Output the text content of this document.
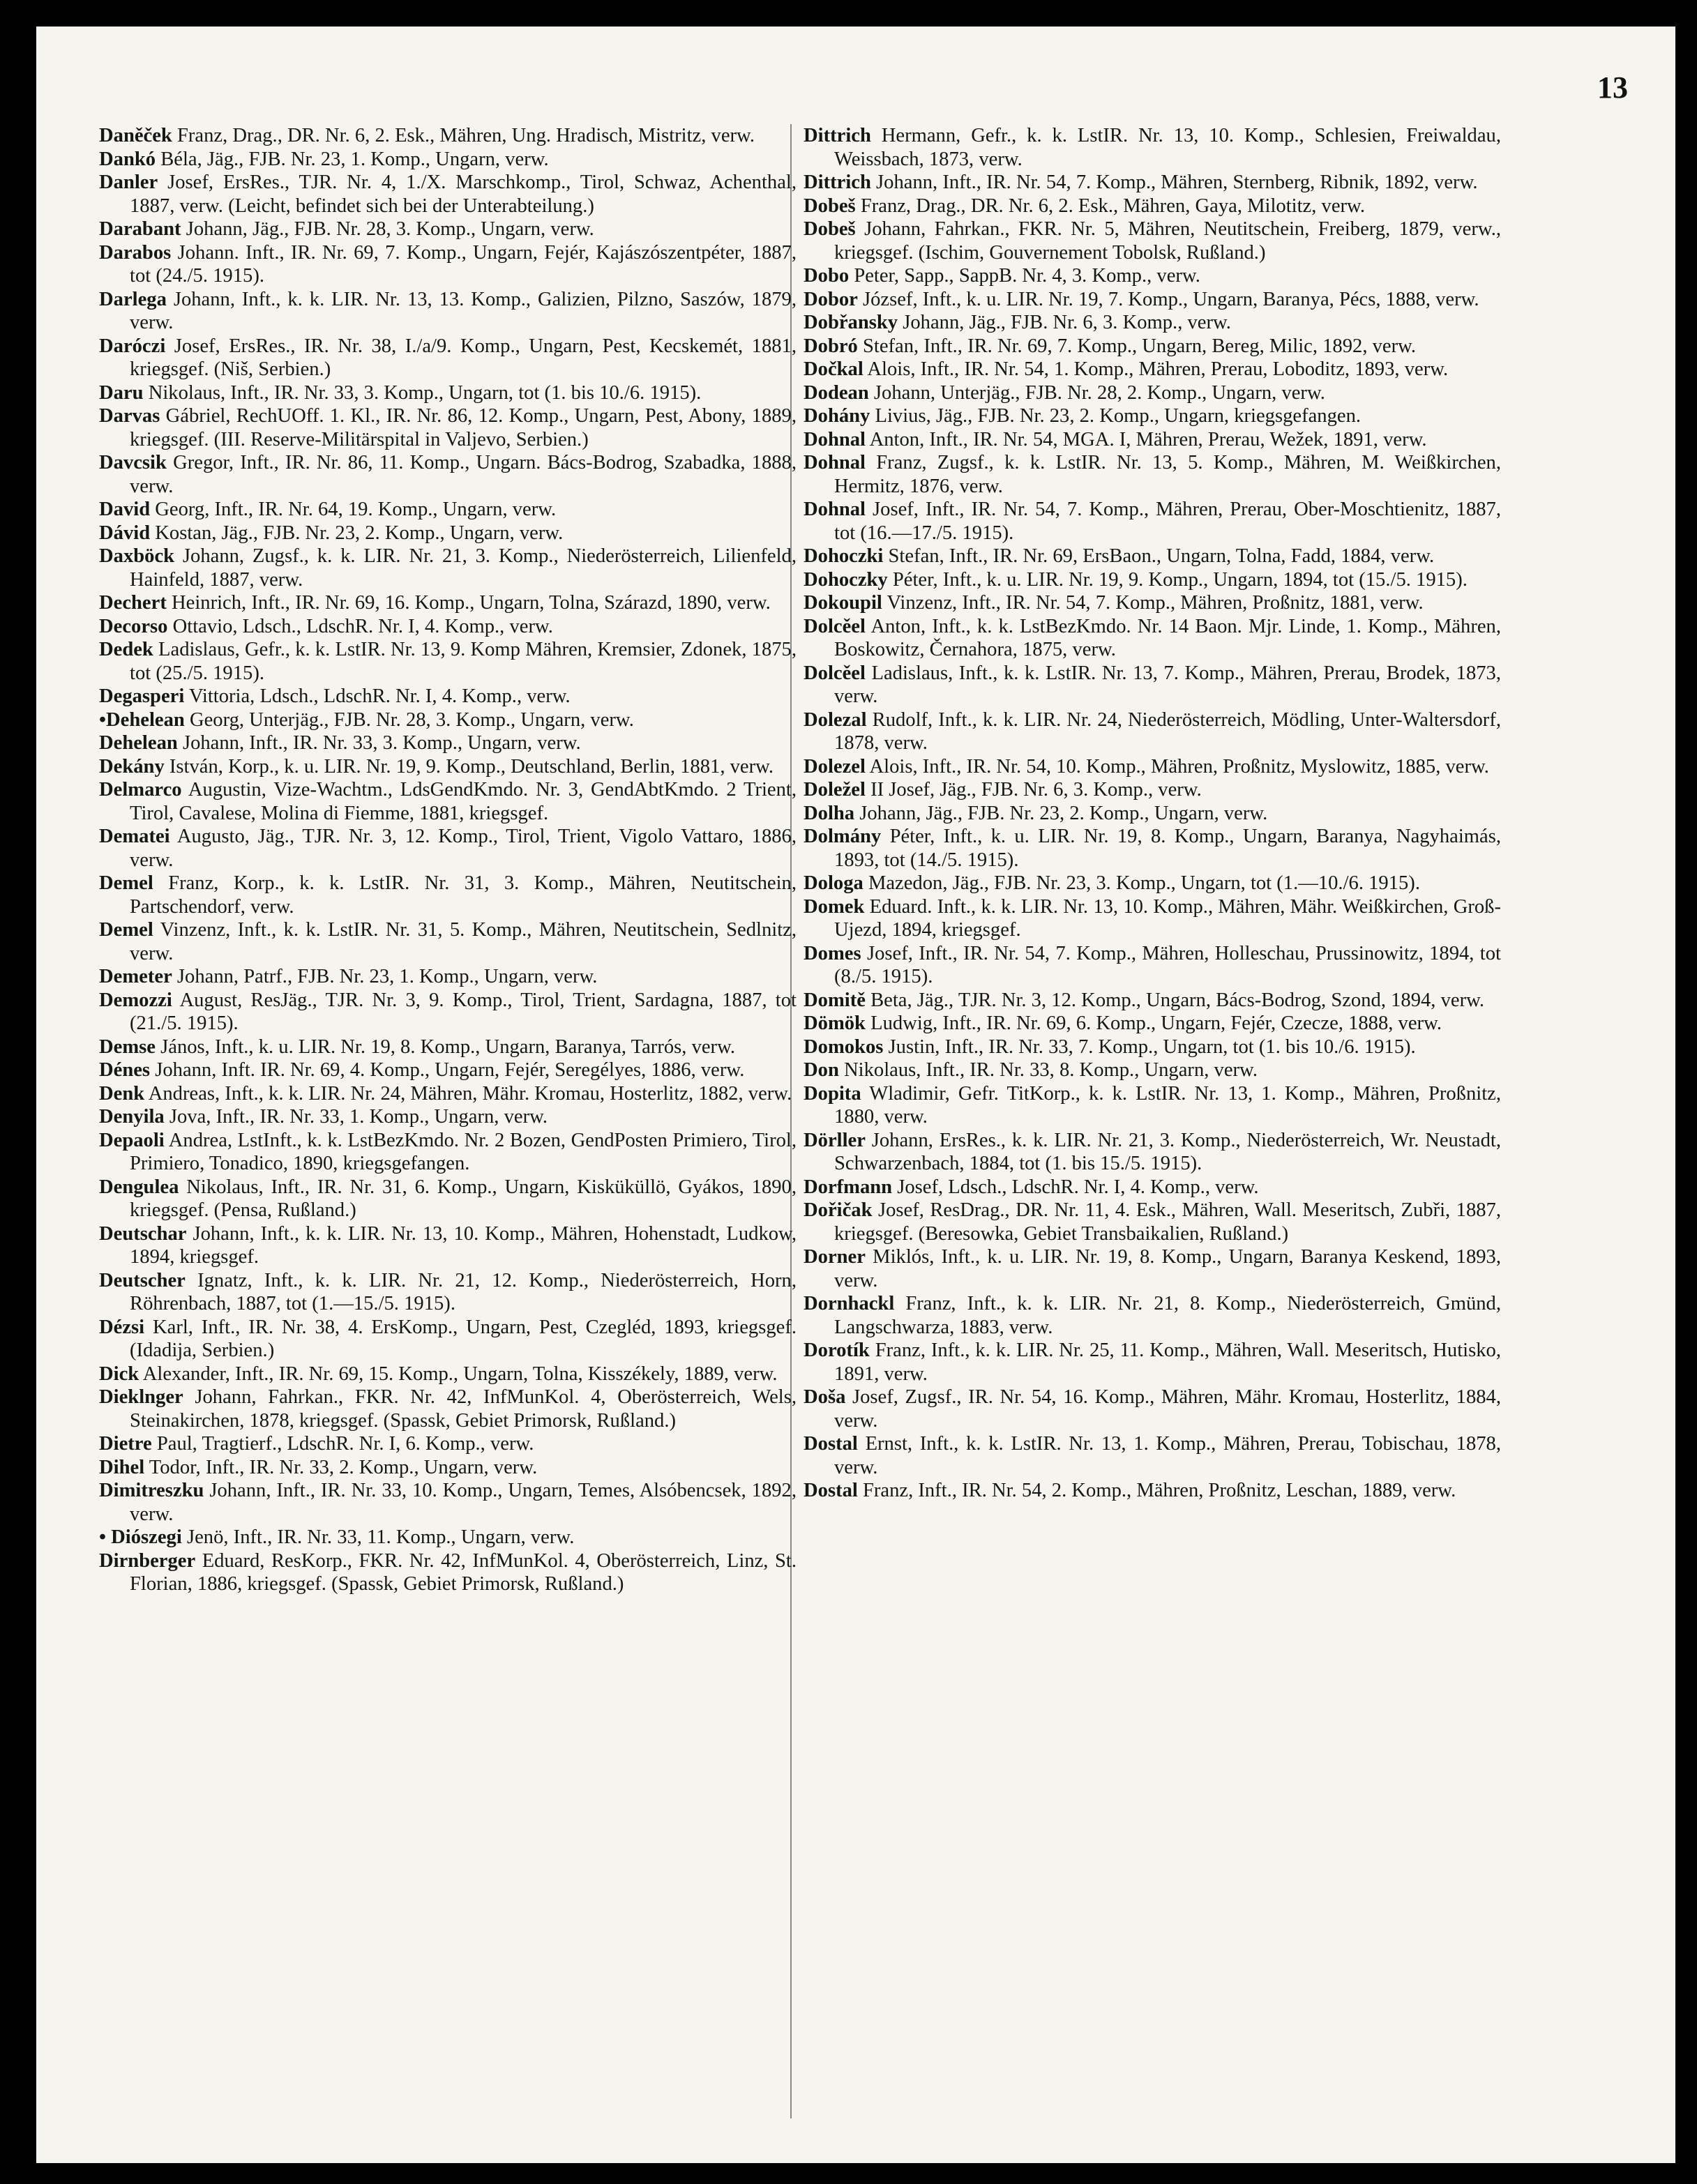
13

Daněček Franz, Drag., DR. Nr. 6, 2. Esk., Mähren, Ung. Hradisch, Mistritz, verw.

Dankó Béla, Jäg., FJB. Nr. 23, 1. Komp., Ungarn, verw.

Danler Josef, ErsRes., TJR. Nr. 4, 1./X. Marschkomp., Tirol, Schwaz, Achenthal, 1887, verw. (Leicht, befindet sich bei der Unterabteilung.)

Darabant Johann, Jäg., FJB. Nr. 28, 3. Komp., Ungarn, verw.

Darabos Johann. Inft., IR. Nr. 69, 7. Komp., Ungarn, Fejér, Kajászószentpéter, 1887, tot (24./5. 1915).

Darlega Johann, Inft., k. k. LIR. Nr. 13, 13. Komp., Galizien, Pilzno, Saszów, 1879, verw.

Daróczi Josef, ErsRes., IR. Nr. 38, I./a/9. Komp., Ungarn, Pest, Kecskemét, 1881, kriegsgef. (Niš, Serbien.)

Daru Nikolaus, Inft., IR. Nr. 33, 3. Komp., Ungarn, tot (1. bis 10./6. 1915).

Darvas Gábriel, RechUOff. 1. Kl., IR. Nr. 86, 12. Komp., Ungarn, Pest, Abony, 1889, kriegsgef. (III. Reserve-Militärspital in Valjevo, Serbien.)

Davcsik Gregor, Inft., IR. Nr. 86, 11. Komp., Ungarn. Bács-Bodrog, Szabadka, 1888, verw.

David Georg, Inft., IR. Nr. 64, 19. Komp., Ungarn, verw.

Dávid Kostan, Jäg., FJB. Nr. 23, 2. Komp., Ungarn, verw.

Daxböck Johann, Zugsf., k. k. LIR. Nr. 21, 3. Komp., Niederösterreich, Lilienfeld, Hainfeld, 1887, verw.

Dechert Heinrich, Inft., IR. Nr. 69, 16. Komp., Ungarn, Tolna, Szárazd, 1890, verw.

Decorso Ottavio, Ldsch., LdschR. Nr. I, 4. Komp., verw.

Dedek Ladislaus, Gefr., k. k. LstIR. Nr. 13, 9. Komp Mähren, Kremsier, Zdonek, 1875, tot (25./5. 1915).

Degasperi Vittoria, Ldsch., LdschR. Nr. I, 4. Komp., verw.

•Dehelean Georg, Unterjäg., FJB. Nr. 28, 3. Komp., Ungarn, verw.

Dehelean Johann, Inft., IR. Nr. 33, 3. Komp., Ungarn, verw.

Dekány István, Korp., k. u. LIR. Nr. 19, 9. Komp., Deutschland, Berlin, 1881, verw.

Delmarco Augustin, Vize-Wachtm., LdsGendKmdo. Nr. 3, GendAbtKmdo. 2 Trient, Tirol, Cavalese, Molina di Fiemme, 1881, kriegsgef.

Dematei Augusto, Jäg., TJR. Nr. 3, 12. Komp., Tirol, Trient, Vigolo Vattaro, 1886, verw.

Demel Franz, Korp., k. k. LstIR. Nr. 31, 3. Komp., Mähren, Neutitschein, Partschendorf, verw.

Demel Vinzenz, Inft., k. k. LstIR. Nr. 31, 5. Komp., Mähren, Neutitschein, Sedlnitz, verw.

Demeter Johann, Patrf., FJB. Nr. 23, 1. Komp., Ungarn, verw.

Demozzi August, ResJäg., TJR. Nr. 3, 9. Komp., Tirol, Trient, Sardagna, 1887, tot (21./5. 1915).

Demse János, Inft., k. u. LIR. Nr. 19, 8. Komp., Ungarn, Baranya, Tarrós, verw.

Dénes Johann, Inft. IR. Nr. 69, 4. Komp., Ungarn, Fejér, Seregélyes, 1886, verw.

Denk Andreas, Inft., k. k. LIR. Nr. 24, Mähren, Mähr. Kromau, Hosterlitz, 1882, verw.

Denyila Jova, Inft., IR. Nr. 33, 1. Komp., Ungarn, verw.

Depaoli Andrea, LstInft., k. k. LstBezKmdo. Nr. 2 Bozen, GendPosten Primiero, Tirol, Primiero, Tonadico, 1890, kriegsgefangen.

Dengulea Nikolaus, Inft., IR. Nr. 31, 6. Komp., Ungarn, Kisküküllö, Gyákos, 1890, kriegsgef. (Pensa, Rußland.)

Deutschar Johann, Inft., k. k. LIR. Nr. 13, 10. Komp., Mähren, Hohenstadt, Ludkow, 1894, kriegsgef.

Deutscher Ignatz, Inft., k. k. LIR. Nr. 21, 12. Komp., Niederösterreich, Horn, Röhrenbach, 1887, tot (1.—15./5. 1915).

Dézsi Karl, Inft., IR. Nr. 38, 4. ErsKomp., Ungarn, Pest, Czegléd, 1893, kriegsgef. (Idadija, Serbien.)

Dick Alexander, Inft., IR. Nr. 69, 15. Komp., Ungarn, Tolna, Kisszékely, 1889, verw.

Dieklnger Johann, Fahrkan., FKR. Nr. 42, InfMunKol. 4, Oberösterreich, Wels, Steinakirchen, 1878, kriegsgef. (Spassk, Gebiet Primorsk, Rußland.)

Dietre Paul, Tragtierf., LdschR. Nr. I, 6. Komp., verw.

Dihel Todor, Inft., IR. Nr. 33, 2. Komp., Ungarn, verw.

Dimitreszku Johann, Inft., IR. Nr. 33, 10. Komp., Ungarn, Temes, Alsóbencsek, 1892, verw.

• Diószegi Jenö, Inft., IR. Nr. 33, 11. Komp., Ungarn, verw.

Dirnberger Eduard, ResKorp., FKR. Nr. 42, InfMunKol. 4, Oberösterreich, Linz, St. Florian, 1886, kriegsgef. (Spassk, Gebiet Primorsk, Rußland.)

Dittrich Hermann, Gefr., k. k. LstIR. Nr. 13, 10. Komp., Schlesien, Freiwaldau, Weissbach, 1873, verw.

Dittrich Johann, Inft., IR. Nr. 54, 7. Komp., Mähren, Sternberg, Ribnik, 1892, verw.

Dobeš Franz, Drag., DR. Nr. 6, 2. Esk., Mähren, Gaya, Milotitz, verw.

Dobeš Johann, Fahrkan., FKR. Nr. 5, Mähren, Neutitschein, Freiberg, 1879, verw., kriegsgef. (Ischim, Gouvernement Tobolsk, Rußland.)

Dobo Peter, Sapp., SappB. Nr. 4, 3. Komp., verw.

Dobor József, Inft., k. u. LIR. Nr. 19, 7. Komp., Ungarn, Baranya, Pécs, 1888, verw.

Dobřansky Johann, Jäg., FJB. Nr. 6, 3. Komp., verw.

Dobró Stefan, Inft., IR. Nr. 69, 7. Komp., Ungarn, Bereg, Milic, 1892, verw.

Dočkal Alois, Inft., IR. Nr. 54, 1. Komp., Mähren, Prerau, Loboditz, 1893, verw.

Dodean Johann, Unterjäg., FJB. Nr. 28, 2. Komp., Ungarn, verw.

Dohány Livius, Jäg., FJB. Nr. 23, 2. Komp., Ungarn, kriegsgefangen.

Dohnal Anton, Inft., IR. Nr. 54, MGA. I, Mähren, Prerau, Wežek, 1891, verw.

Dohnal Franz, Zugsf., k. k. LstIR. Nr. 13, 5. Komp., Mähren, M. Weißkirchen, Hermitz, 1876, verw.

Dohnal Josef, Inft., IR. Nr. 54, 7. Komp., Mähren, Prerau, Ober-Moschtienitz, 1887, tot (16.—17./5. 1915).

Dohoczki Stefan, Inft., IR. Nr. 69, ErsBaon., Ungarn, Tolna, Fadd, 1884, verw.

Dohoczky Péter, Inft., k. u. LIR. Nr. 19, 9. Komp., Ungarn, 1894, tot (15./5. 1915).

Dokoupil Vinzenz, Inft., IR. Nr. 54, 7. Komp., Mähren, Proßnitz, 1881, verw.

Dolcěel Anton, Inft., k. k. LstBezKmdo. Nr. 14 Baon. Mjr. Linde, 1. Komp., Mähren, Boskowitz, Černahora, 1875, verw.

Dolcěel Ladislaus, Inft., k. k. LstIR. Nr. 13, 7. Komp., Mähren, Prerau, Brodek, 1873, verw.

Dolezal Rudolf, Inft., k. k. LIR. Nr. 24, Niederösterreich, Mödling, Unter-Waltersdorf, 1878, verw.

Dolezel Alois, Inft., IR. Nr. 54, 10. Komp., Mähren, Proßnitz, Myslowitz, 1885, verw.

Doležel II Josef, Jäg., FJB. Nr. 6, 3. Komp., verw.

Dolha Johann, Jäg., FJB. Nr. 23, 2. Komp., Ungarn, verw.

Dolmány Péter, Inft., k. u. LIR. Nr. 19, 8. Komp., Ungarn, Baranya, Nagyhaimás, 1893, tot (14./5. 1915).

Dologa Mazedon, Jäg., FJB. Nr. 23, 3. Komp., Ungarn, tot (1.—10./6. 1915).

Domek Eduard. Inft., k. k. LIR. Nr. 13, 10. Komp., Mähren, Mähr. Weißkirchen, Groß-Ujezd, 1894, kriegsgef.

Domes Josef, Inft., IR. Nr. 54, 7. Komp., Mähren, Holleschau, Prussinowitz, 1894, tot (8./5. 1915).

Domitě Beta, Jäg., TJR. Nr. 3, 12. Komp., Ungarn, Bács-Bodrog, Szond, 1894, verw.

Dömök Ludwig, Inft., IR. Nr. 69, 6. Komp., Ungarn, Fejér, Czecze, 1888, verw.

Domokos Justin, Inft., IR. Nr. 33, 7. Komp., Ungarn, tot (1. bis 10./6. 1915).

Don Nikolaus, Inft., IR. Nr. 33, 8. Komp., Ungarn, verw.

Dopita Wladimir, Gefr. TitKorp., k. k. LstIR. Nr. 13, 1. Komp., Mähren, Proßnitz, 1880, verw.

Dörller Johann, ErsRes., k. k. LIR. Nr. 21, 3. Komp., Niederösterreich, Wr. Neustadt, Schwarzenbach, 1884, tot (1. bis 15./5. 1915).

Dorfmann Josef, Ldsch., LdschR. Nr. I, 4. Komp., verw.

Dořičak Josef, ResDrag., DR. Nr. 11, 4. Esk., Mähren, Wall. Meseritsch, Zubři, 1887, kriegsgef. (Beresowka, Gebiet Transbaikalien, Rußland.)

Dorner Miklós, Inft., k. u. LIR. Nr. 19, 8. Komp., Ungarn, Baranya Keskend, 1893, verw.

Dornhackl Franz, Inft., k. k. LIR. Nr. 21, 8. Komp., Niederösterreich, Gmünd, Langschwarza, 1883, verw.

Dorotík Franz, Inft., k. k. LIR. Nr. 25, 11. Komp., Mähren, Wall. Meseritsch, Hutisko, 1891, verw.

Doša Josef, Zugsf., IR. Nr. 54, 16. Komp., Mähren, Mähr. Kromau, Hosterlitz, 1884, verw.

Dostal Ernst, Inft., k. k. LstIR. Nr. 13, 1. Komp., Mähren, Prerau, Tobischau, 1878, verw.

Dostal Franz, Inft., IR. Nr. 54, 2. Komp., Mähren, Proßnitz, Leschan, 1889, verw.
